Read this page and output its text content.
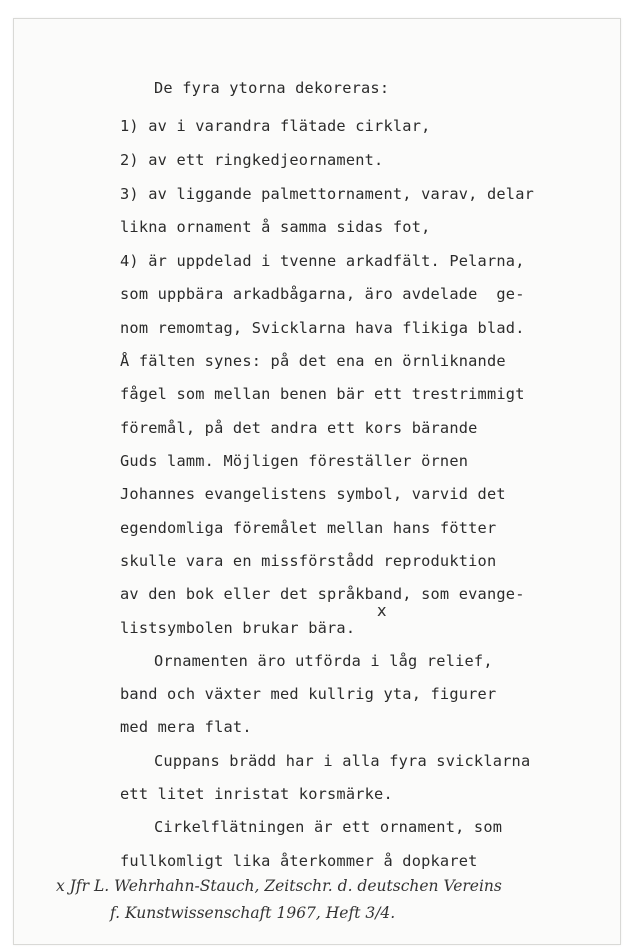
De fyra ytorna dekoreras:
1) av i varandra flätade cirklar,
2) av ett ringkedjeornament.
3) av liggande palmettornament, varav, delar
likna ornament å samma sidas fot,
4) är uppdelad i tvenne arkadfält. Pelarna,
som uppbära arkadbågarna, äro avdelade  ge-
nom remomtag, Svicklarna hava flikiga blad.
Å fälten synes: på det ena en örnliknande
fågel som mellan benen bär ett trestrimmigt
föremål, på det andra ett kors bärande
Guds lamm. Möjligen föreställer örnen
Johannes evangelistens symbol, varvid det
egendomliga föremålet mellan hans fötter
skulle vara en missförstådd reproduktion
av den bok eller det språkband, som evange-
listsymbolen brukar bära.
x
Ornamenten äro utförda i låg relief,
band och växter med kullrig yta, figurer
med mera flat.
Cuppans brädd har i alla fyra svicklarna
ett litet inristat korsmärke.
Cirkelflätningen är ett ornament, som
fullkomligt lika återkommer å dopkaret
x Jfr L. Wehrhahn-Stauch, Zeitschr. d. deutschen Vereins
f. Kunstwissenschaft 1967, Heft 3/4.
